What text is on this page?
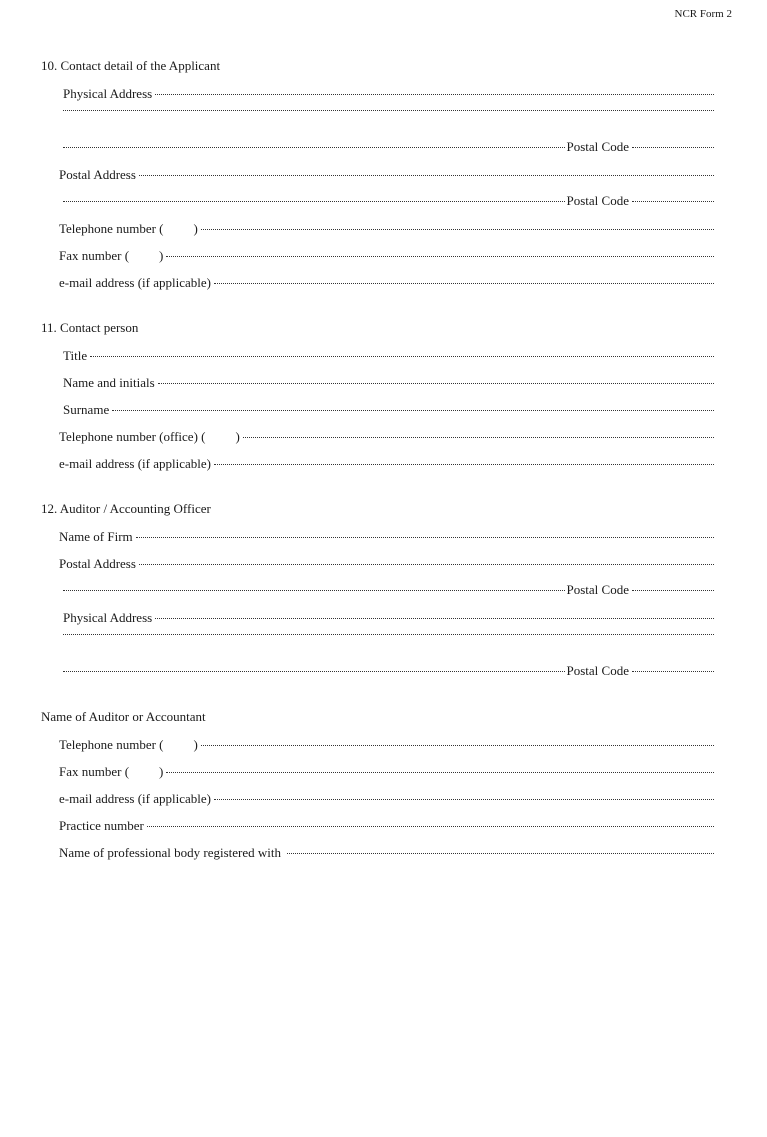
NCR Form 2
10. Contact detail of the Applicant
Physical Address
Postal Code
Postal Address
Postal Code
Telephone number ( )
Fax number ( )
e-mail address (if applicable)
11. Contact person
Title
Name and initials
Surname
Telephone number (office) ( )
e-mail address (if applicable)
12. Auditor / Accounting Officer
Name of Firm
Postal Address
Postal Code
Physical Address
Postal Code
Name of Auditor or Accountant
Telephone number ( )
Fax number ( )
e-mail address (if applicable)
Practice number
Name of professional body registered with
